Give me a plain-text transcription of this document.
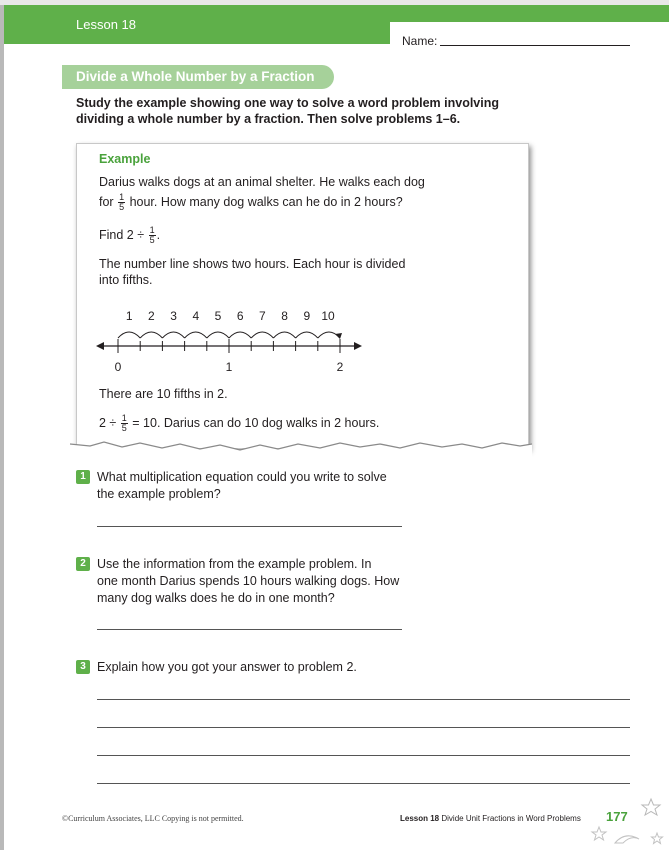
Lesson 18
Name:
Divide a Whole Number by a Fraction
Study the example showing one way to solve a word problem involving dividing a whole number by a fraction. Then solve problems 1–6.
Example
Darius walks dogs at an animal shelter. He walks each dog
for $\frac{1}{5}$ hour. How many dog walks can he do in 2 hours?
Find $2 \div \frac{1}{5}$ .
The number line shows two hours. Each hour is divided
into fifths.
1 2 3 4 5 6 7 8 9 10
0	1	2
There are 10 fifths in 2.
$2 \div \frac{1}{5} = 10$. Darius can do 10 dog walks in 2 hours.
1 What multiplication equation could you write to solve
the example problem?
2 Use the information from the example problem. In
one month Darius spends 10 hours walking dogs. How
many dog walks does he do in one month?
3 Explain how you got your answer to problem 2.
©Curriculum Associates, LLC Copying is not permitted.	Lesson 18 Divide Unit Fractions in Word Problems 177
